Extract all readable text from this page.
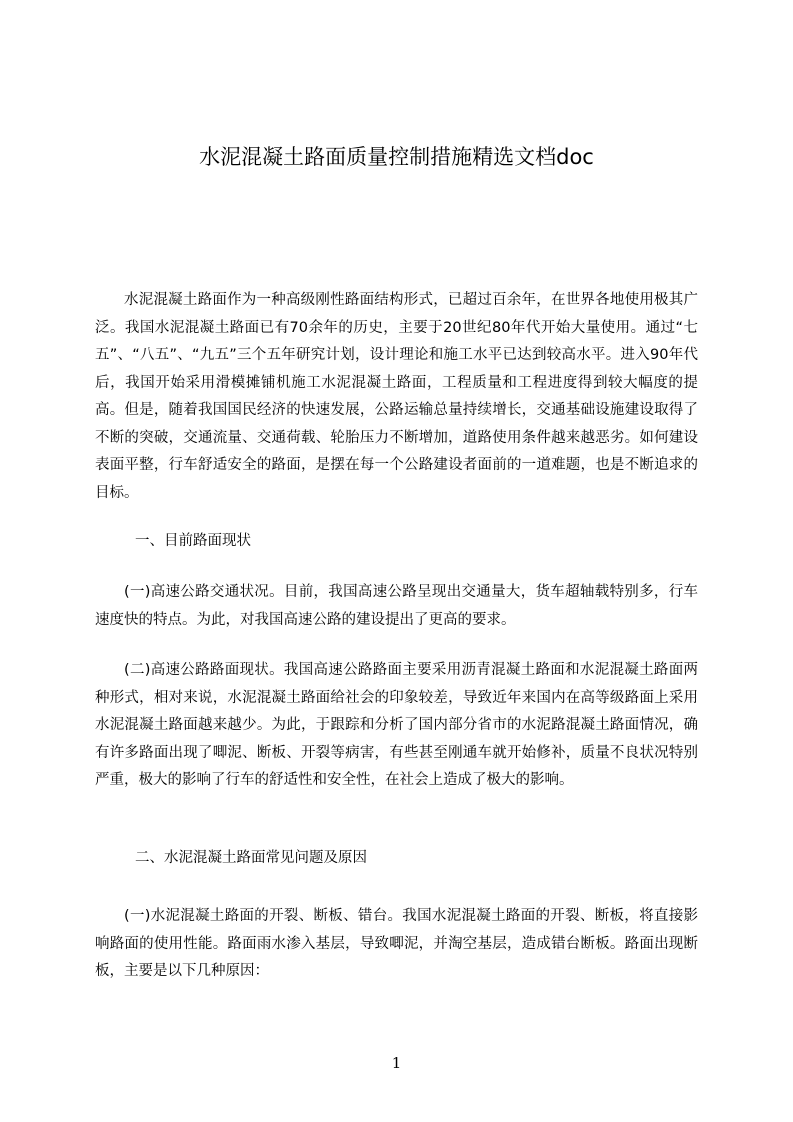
水泥混凝土路面质量控制措施精选文档doc

水泥混凝土路面作为一种高级刚性路面结构形式，已超过百余年，在世界各地使用极其广泛。我国水泥混凝土路面已有70余年的历史，主要于20世纪80年代开始大量使用。通过“七五”、“八五”、“九五”三个五年研究计划，设计理论和施工水平已达到较高水平。进入90年代后，我国开始采用滑模摊铺机施工水泥混凝土路面，工程质量和工程进度得到较大幅度的提高。但是，随着我国国民经济的快速发展，公路运输总量持续增长，交通基础设施建设取得了不断的突破，交通流量、交通荷载、轮胎压力不断增加，道路使用条件越来越恶劣。如何建设表面平整，行车舒适安全的路面，是摆在每一个公路建设者面前的一道难题，也是不断追求的目标。

一、目前路面现状

(一)高速公路交通状况。目前，我国高速公路呈现出交通量大，货车超轴载特别多，行车速度快的特点。为此，对我国高速公路的建设提出了更高的要求。

(二)高速公路路面现状。我国高速公路路面主要采用沥青混凝土路面和水泥混凝土路面两种形式，相对来说，水泥混凝土路面给社会的印象较差，导致近年来国内在高等级路面上采用水泥混凝土路面越来越少。为此，于跟踪和分析了国内部分省市的水泥路混凝土路面情况，确有许多路面出现了唧泥、断板、开裂等病害，有些甚至刚通车就开始修补，质量不良状况特别严重，极大的影响了行车的舒适性和安全性，在社会上造成了极大的影响。

二、水泥混凝土路面常见问题及原因

(一)水泥混凝土路面的开裂、断板、错台。我国水泥混凝土路面的开裂、断板，将直接影响路面的使用性能。路面雨水渗入基层，导致唧泥，并淘空基层，造成错台断板。路面出现断板，主要是以下几种原因：

1
